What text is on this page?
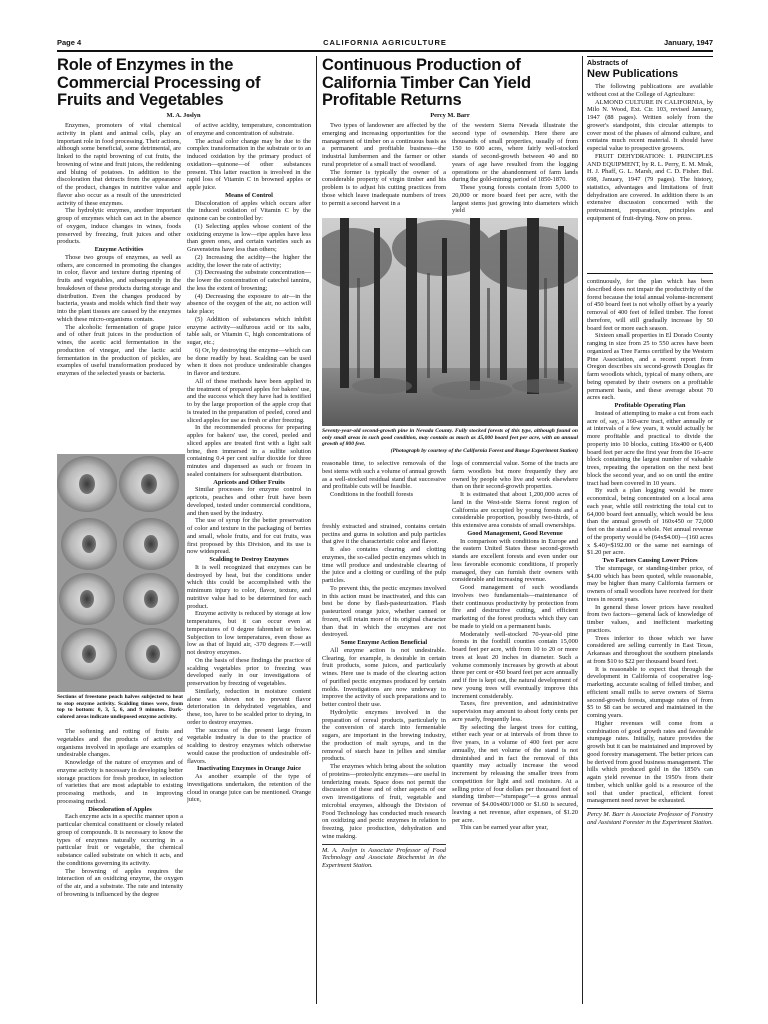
Page 4	CALIFORNIA AGRICULTURE	January, 1947
Role of Enzymes in the Commercial Processing of Fruits and Vegetables
M. A. Joslyn

Enzymes, promoters of vital chemical activity in plant and animal cells, play an important role in food processing. Their actions, although some beneficial, some detrimental, are linked to the rapid browning of cut fruits, the browning of wine and fruit juices, the reddening and bluing of potatoes. In addition to the discoloration that detracts from the appearance of the product, changes in nutritive value and flavor also occur as a result of the unrestricted activity of these enzymes.

The hydrolytic enzymes, another important group of enzymes which can act in the absence of oxygen, induce changes in wines, foods preserved by freezing, fruit juices and other products.

Enzyme Activities

Those two groups of enzymes, as well as others, are concerned in promoting the changes in color, flavor and texture during ripening of fruits and vegetables, and subsequently in the breakdown of these products during storage and distribution. Even the changes produced by bacteria, yeasts and molds which find their way into the plant tissues are caused by the enzymes which these micro-organisms contain.

The alcoholic fermentation of grape juice and of other fruit juices in the production of wines, the acetic acid fermentation in the production of vinegar, and the lactic acid fermentation in the production of pickles, are examples of useful transformation produced by enzymes of the selected yeasts or bacteria.

Sections of freestone peach halves subjected to heat to stop enzyme activity. Scalding times were, from top to bottom: 0, 3, 5, 6, and 9 minutes. Dark-colored areas indicate undisposed enzyme activity.

The softening and rotting of fruits and vegetables and the products of activity of organisms involved in spoilage are examples of undesirable changes.

Knowledge of the nature of enzymes and of enzyme activity is necessary in developing better storage practices for fresh produce, in selection of varieties that are most adaptable to existing processing methods, and in improving processing method.

Discoloration of Apples

Each enzyme acts in a specific manner upon a particular chemical constituent or closely related group of compounds. It is necessary to know the types of enzymes naturally occurring in a particular fruit or vegetable, the chemical substance called substrate on which it acts, and the conditions governing its activity.

The browning of apples requires the interaction of an oxidizing enzyme, the oxygen of the air, and a substrate. The rate and intensity of browning is influenced by the degree

of active acidity, temperature, concentration of enzyme and concentration of substrate.

The actual color change may be due to the complex transformation in the substrate or to an induced oxidation by the primary product of oxidation—quinone—of other substances present. This latter reaction is involved in the rapid loss of Vitamin C in browned apples or apple juice.

Means of Control

Discoloration of apples which occurs after the induced oxidation of Vitamin C by the quinone can be controlled by:

(1) Selecting apples whose content of the oxidizing enzyme is low—ripe apples have less than green ones, and certain varieties such as Gravensteins have less than others;

(2) Increasing the acidity—the higher the acidity, the lower the rate of activity;

(3) Decreasing the substrate concentration—the lower the concentration of catechol tannins, the less the extent of browning;

(4) Decreasing the exposure to air—in the absence of the oxygen of the air, no action will take place;

(5) Addition of substances which inhibit enzyme activity—sulfurous acid or its salts, table salt, or Vitamin C, high concentrations of sugar, etc.;

6) Or, by destroying the enzyme—which can be done readily by heat. Scalding can be used when it does not produce undesirable changes in flavor and texture.

All of these methods have been applied in the treatment of prepared apples for bakers' use, and the success which they have had is testified to by the large proportion of the apple crop that is treated in the preparation of peeled, cored and sliced apples for use as fresh or after freezing.

In the recommended process for preparing apples for bakers' use, the cored, peeled and sliced apples are treated first with a light salt brine, then immersed in a sulfite solution containing 0.4 per cent sulfur dioxide for three minutes and dispensed as such or frozen in sealed containers for subsequent distribution.

Apricots and Other Fruits

Similar processes for enzyme control in apricots, peaches and other fruit have been developed, tested under commercial conditions, and then used by the industry.

The use of syrup for the better preservation of color and texture in the packaging of berries and small, whole fruits, and for cut fruits, was first proposed by this Division, and its use is now widespread.

Scalding to Destroy Enzymes

It is well recognized that enzymes can be destroyed by heat, but the conditions under which this could be accomplished with the minimum injury to color, flavor, texture, and nutritive value had to be determined for each product.

Enzyme activity is reduced by storage at low temperatures, but it can occur even at temperatures of 0 degree fahrenheit or below. Subjection to low temperatures, even those as low as that of liquid air, -370 degrees F.—will not destroy enzymes.

On the basis of these findings the practice of scalding vegetables prior to freezing was developed early in our investigations of preservation by freezing of vegetables.

Similarly, reduction in moisture content alone was shown not to prevent flavor deterioration in dehydrated vegetables, and these, too, have to be scalded prior to drying, in order to destroy enzymes.

The success of the present large frozen vegetable industry is due to the practice of scalding to destroy enzymes which otherwise would cause the production of undesirable off-flavors.

Inactivating Enzymes in Orange Juice

As another example of the type of investigations undertaken, the retention of the cloud in orange juice can be mentioned. Orange juice,

Continuous Production of California Timber Can Yield Profitable Returns
Percy M. Barr

Two types of landowner are affected by the emerging and increasing opportunities for the management of timber on a continuous basis as a permanent and profitable business—the industrial lumbermen and the farmer or other rural proprietor of a small tract of woodland.

The former is typically the owner of a considerable property of virgin timber and his problem is to adjust his cutting practices from those which leave inadequate numbers of trees to permit a second harvest in a

of the western Sierra Nevada illustrate the second type of ownership. Here there are thousands of small properties, usually of from 150 to 600 acres, where fairly well-stocked stands of second-growth between 40 and 80 years of age have resulted from the logging operations or the abandonment of farm lands during the gold-mining period of 1850-1870.

These young forests contain from 5,000 to 20,000 or more board feet per acre, with the largest stems just growing into diameters which yield

Seventy-year-old second-growth pine in Nevada County. Fully stocked forests of this type, although found on only small areas in such good condition, may contain as much as 45,000 board feet per acre, with an annual growth of 800 feet.
(Photograph by courtesy of the California Forest and Range Experiment Station)

reasonable time, to selective removals of the best stems with such a volume of annual growth as a well-stocked residual stand that successive and profitable cuts will be feasible.

Conditions in the foothill forests

freshly extracted and strained, contains certain pectins and gums in solution and pulp particles that give it the characteristic color and flavor.

It also contains clearing and clotting enzymes, the so-called pectin enzymes which in time will produce and undesirable clearing of the juice and a clotting or curdling of the pulp particles.

To prevent this, the pectic enzymes involved in this action must be inactivated, and this can best be done by flash-pasteurization. Flash pasteurized orange juice, whether canned or frozen, will retain more of its original character than that in which the enzymes are not destroyed.

Some Enzyme Action Beneficial

All enzyme action is not undesirable. Clearing, for example, is desirable in certain fruit products, some juices, and particularly wines. Here use is made of the clearing action of purified pectic enzymes produced by certain molds. Investigations are now underway to improve the activity of such preparations and to better control their use.

Hydrolytic enzymes involved in the preparation of cereal products, particularly in the conversion of starch into fermentable sugars, are important in the brewing industry, the production of malt syrups, and in the removal of starch haze in jellies and similar products.

The enzymes which bring about the solution of proteins—proteolytic enzymes—are useful in tenderizing meats. Space does not permit the discussion of these and of other aspects of our own investigations of fruit, vegetable and microbial enzymes, although the Division of Food Technology has conducted much research on oxidizing and pectic enzymes in relation to freezing, juice production, dehydration and wine making.

M. A. Joslyn is Associate Professor of Food Technology and Associate Biochemist in the Experiment Station.

logs of commercial value. Some of the tracts are farm woodlots but more frequently they are owned by people who live and work elsewhere than on their second-growth properties.

It is estimated that about 1,200,000 acres of land in the West-side Sierra forest region of California are occupied by young forests and a considerable proportion, possibly two-thirds, of this extensive area consists of small ownerships.

Good Management, Good Revenue

In comparison with conditions in Europe and the eastern United States these second-growth stands are excellent forests and even under our less favorable economic conditions, if properly managed, they can furnish their owners with considerable and increasing revenue.

Good management of such woodlands involves two fundamentals—maintenance of their continuous productivity by protection from fire and destructive cutting, and efficient marketing of the forest products which they can be made to yield on a permanent basis.

Moderately well-stocked 70-year-old pine forests in the foothill counties contain 15,000 board feet per acre, with from 10 to 20 or more trees at least 20 inches in diameter. Such a volume commonly increases by growth at about three per cent or 450 board feet per acre annually and if fire is kept out, the natural development of new young trees will eventually improve this increment considerably.

Taxes, fire prevention, and administrative supervision may amount to about forty cents per acre yearly, frequently less.

By selecting the largest trees for cutting, either each year or at intervals of from three to five years, in a volume of 400 feet per acre annually, the net volume of the stand is not diminished and in fact the removal of this quantity may actually increase the wood increment by releasing the smaller trees from competition for light and soil moisture. At a selling price of four dollars per thousand feet of standing timber—"stumpage"—a gross annual revenue of $4.00x400/1000 or $1.60 is secured, leaving a net revenue, after expenses, of $1.20 per acre.

This can be earned year after year,

Abstracts of
New Publications

The following publications are available without cost at the College of Agriculture:

ALMOND CULTURE IN CALIFORNIA, by Milo N. Wood, Ext. Cir. 103, revised January, 1947 (88 pages). Written solely from the grower's standpoint, this circular attempts to cover most of the phases of almond culture, and contains much recent material. It should have especial value to prospective growers.

FRUIT DEHYDRATION: I. PRINCIPLES AND EQUIPMENT, by R. L. Perry, E. M. Mrak, H. J. Phaff, G. L. Marsh, and C. D. Fisher. Bul. 698, January, 1947 (79 pages). The history, statistics, advantages and limitations of fruit dehydration are covered. In addition there is an extensive discussion concerned with the pretreatment, preparation, principles and equipment of fruit-drying. Now on press.

continuously, for the plan which has been described does not impair the productivity of the forest because the total annual volume-increment of 450 board feet is not wholly offset by a yearly removal of 400 feet of felled timber. The forest therefore, will still gradually increase by 50 board feet or more each season.

Sixteen small properties in El Dorado County ranging in size from 25 to 550 acres have been organized as Tree Farms certified by the Western Pine Association, and a recent report from Oregon describes six second-growth Douglas fir farm woodlots which, typical of many others, are being operated by their owners on a profitable permanent basis, and these average about 70 acres each.

Profitable Operating Plan

Instead of attempting to make a cut from each acre of, say, a 160-acre tract, either annually or at intervals of a few years, it would actually be more profitable and practical to divide the property into 10 blocks, cutting 16x400 or 6,400 board feet per acre the first year from the 16-acre block containing the largest number of valuable trees, repeating the operation on the next best block the second year, and so on until the entire tract had been covered in 10 years.

By such a plan logging would be more economical, being concentrated on a local area each year, while still restricting the total cut to 64,000 board feet annually, which would be less than the annual growth of 160x450 or 72,000 feet on the stand as a whole. Net annual revenue of the property would be (64x$4.00)—(160 acres x $.40)=$192.00 or the same net earnings of $1.20 per acre.

Two Factors Causing Lower Prices

The stumpage, or standing-timber price, of $4.00 which has been quoted, while reasonable, may be higher than many California farmers or owners of small woodlots have received for their trees in recent years.

In general these lower prices have resulted from two factors—general lack of knowledge of timber values, and inefficient marketing practices.

Trees inferior to those which we have considered are selling currently in East Texas, Arkansas and throughout the southern pinelands at from $10 to $22 per thousand board feet.

It is reasonable to expect that through the development in California of cooperative log-marketing, accurate scaling of felled timber, and efficient small mills to serve owners of Sierra second-growth forests, stumpage rates of from $5 to $8 can be secured and maintained in the coming years.

Higher revenues will come from a combination of good growth rates and favorable stumpage rates. Initially, nature provides the growth but it can be maintained and improved by good forestry management. The better prices can be derived from good business management. The hills which produced gold in the 1850's can again yield revenue in the 1950's from their timber, which unlike gold is a resource of the soil that under practical, efficient forest management need never be exhausted.

Percy M. Barr is Associate Professor of Forestry and Assistant Forester in the Experiment Station.
